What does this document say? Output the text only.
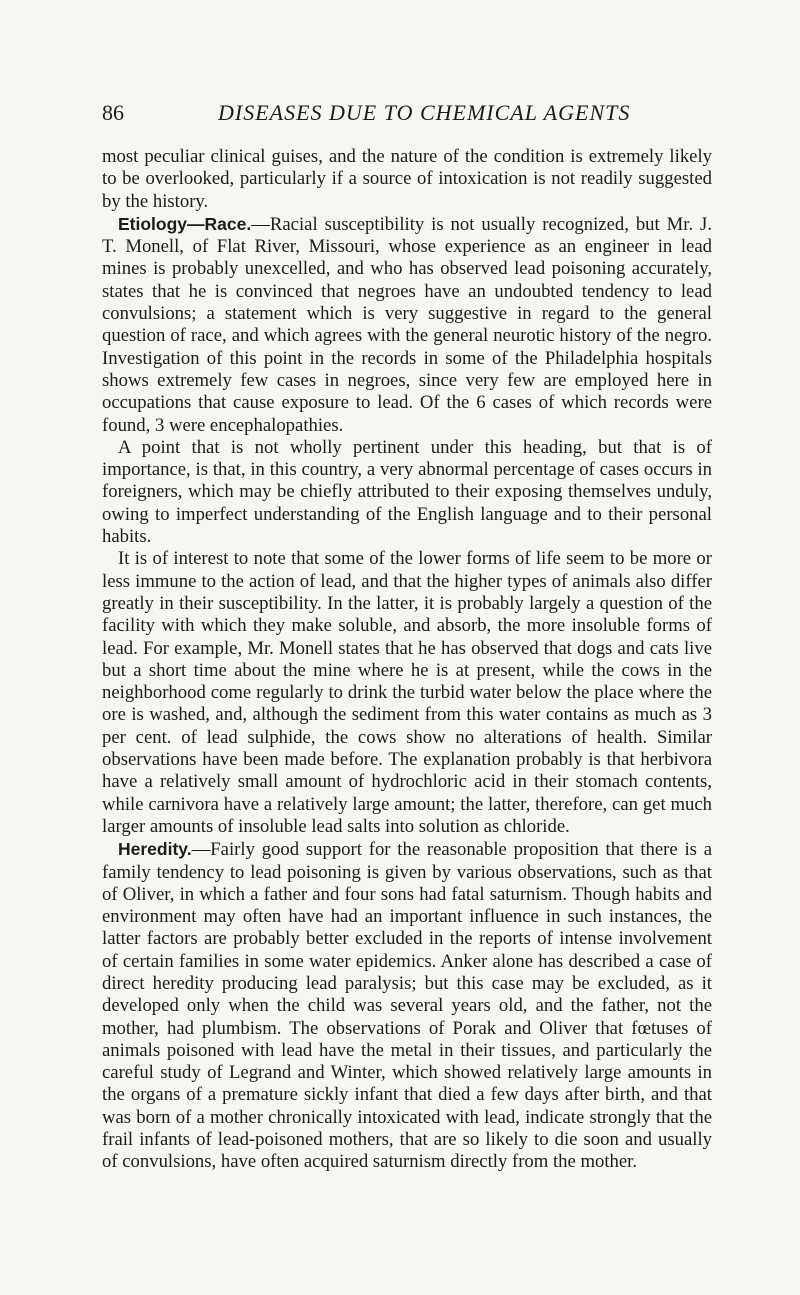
86	DISEASES DUE TO CHEMICAL AGENTS

most peculiar clinical guises, and the nature of the condition is extremely likely to be overlooked, particularly if a source of intoxication is not readily suggested by the history.

Etiology—Race.—Racial susceptibility is not usually recognized, but Mr. J. T. Monell, of Flat River, Missouri, whose experience as an engineer in lead mines is probably unexcelled, and who has observed lead poisoning accurately, states that he is convinced that negroes have an undoubted tendency to lead convulsions; a statement which is very suggestive in regard to the general question of race, and which agrees with the general neurotic history of the negro. Investigation of this point in the records in some of the Philadelphia hospitals shows extremely few cases in negroes, since very few are employed here in occupations that cause exposure to lead. Of the 6 cases of which records were found, 3 were encephalopathies.

A point that is not wholly pertinent under this heading, but that is of importance, is that, in this country, a very abnormal percentage of cases occurs in foreigners, which may be chiefly attributed to their exposing themselves unduly, owing to imperfect understanding of the English language and to their personal habits.

It is of interest to note that some of the lower forms of life seem to be more or less immune to the action of lead, and that the higher types of animals also differ greatly in their susceptibility. In the latter, it is probably largely a question of the facility with which they make soluble, and absorb, the more insoluble forms of lead. For example, Mr. Monell states that he has observed that dogs and cats live but a short time about the mine where he is at present, while the cows in the neighborhood come regularly to drink the turbid water below the place where the ore is washed, and, although the sediment from this water contains as much as 3 per cent. of lead sulphide, the cows show no alterations of health. Similar observations have been made before. The explanation probably is that herbivora have a relatively small amount of hydrochloric acid in their stomach contents, while carnivora have a relatively large amount; the latter, therefore, can get much larger amounts of insoluble lead salts into solution as chloride.

Heredity.—Fairly good support for the reasonable proposition that there is a family tendency to lead poisoning is given by various observations, such as that of Oliver, in which a father and four sons had fatal saturnism. Though habits and environment may often have had an important influence in such instances, the latter factors are probably better excluded in the reports of intense involvement of certain families in some water epidemics. Anker alone has described a case of direct heredity producing lead paralysis; but this case may be excluded, as it developed only when the child was several years old, and the father, not the mother, had plumbism. The observations of Porak and Oliver that fœtuses of animals poisoned with lead have the metal in their tissues, and particularly the careful study of Legrand and Winter, which showed relatively large amounts in the organs of a premature sickly infant that died a few days after birth, and that was born of a mother chronically intoxicated with lead, indicate strongly that the frail infants of lead-poisoned mothers, that are so likely to die soon and usually of convulsions, have often acquired saturnism directly from the mother.
